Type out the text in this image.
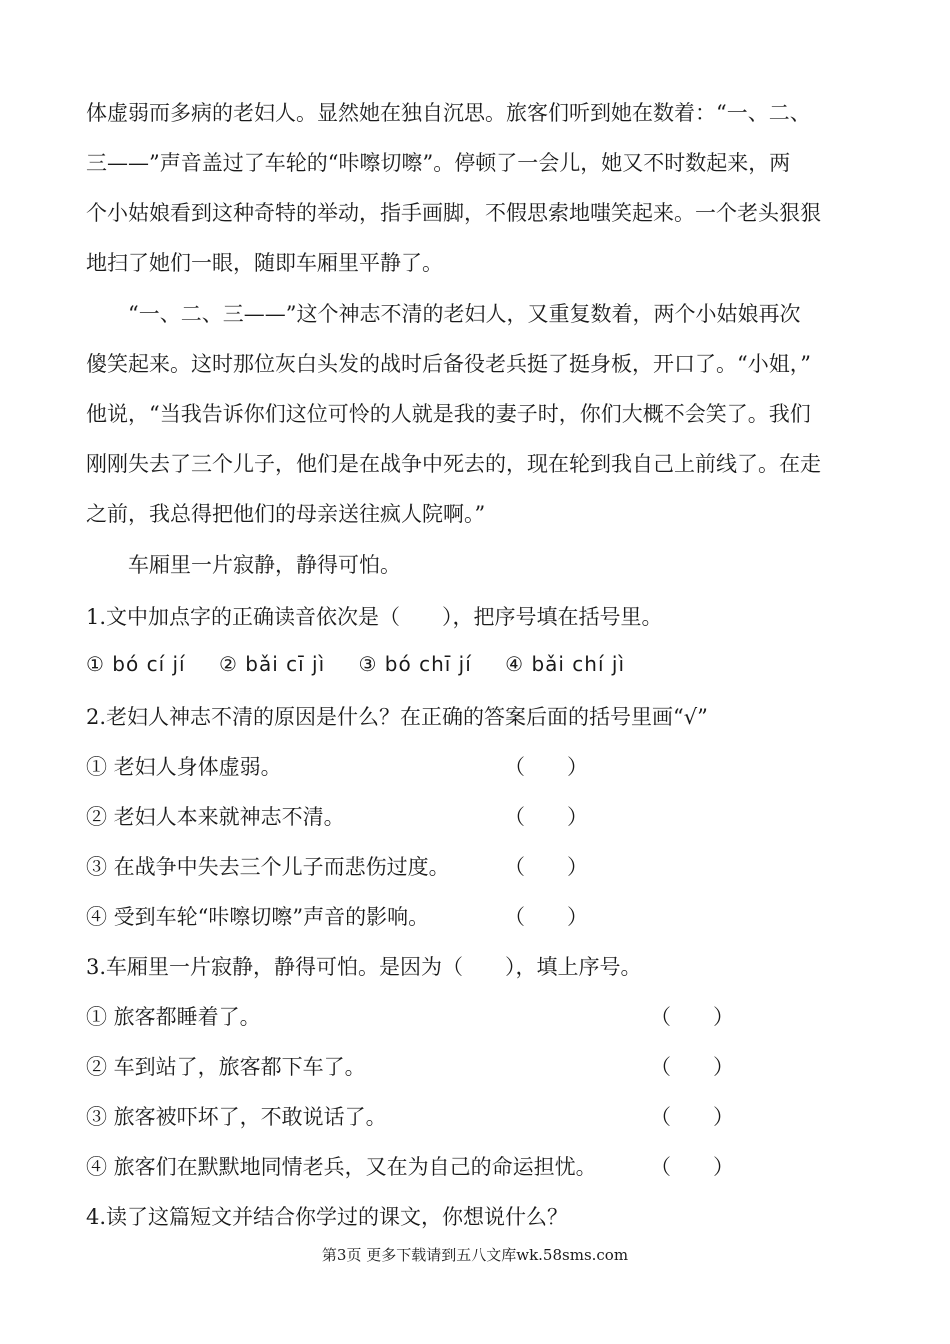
体虚弱而多病的老妇人。显然她在独自沉思。旅客们听到她在数着：“一、二、
三——”声音盖过了车轮的“咔嚓切嚓”。停顿了一会儿，她又不时数起来，两
个小姑娘看到这种奇特的举动，指手画脚，不假思索地嗤笑起来。一个老头狠狠
地扫了她们一眼，随即车厢里平静了。
　　“一、二、三——”这个神志不清的老妇人，又重复数着，两个小姑娘再次
傻笑起来。这时那位灰白头发的战时后备役老兵挺了挺身板，开口了。“小姐，”
他说，“当我告诉你们这位可怜的人就是我的妻子时，你们大概不会笑了。我们
刚刚失去了三个儿子，他们是在战争中死去的，现在轮到我自己上前线了。在走
之前，我总得把他们的母亲送往疯人院啊。”
　　车厢里一片寂静，静得可怕。
1.文中加点字的正确读音依次是（　　），把序号填在括号里。
① bó cí jí ② bǎi cī jì ③ bó chī jí ④ bǎi chí jì
2.老妇人神志不清的原因是什么？在正确的答案后面的括号里画“√”
① 老妇人身体虚弱。	（　　）
② 老妇人本来就神志不清。	（　　）
③ 在战争中失去三个儿子而悲伤过度。	（　　）
④ 受到车轮“咔嚓切嚓”声音的影响。	（　　）
3.车厢里一片寂静，静得可怕。是因为（　　），填上序号。
① 旅客都睡着了。	（　　）
② 车到站了，旅客都下车了。	（　　）
③ 旅客被吓坏了，不敢说话了。	（　　）
④ 旅客们在默默地同情老兵，又在为自己的命运担忧。	（　　）
4.读了这篇短文并结合你学过的课文，你想说什么？
第3页 更多下载请到五八文库wk.58sms.com
